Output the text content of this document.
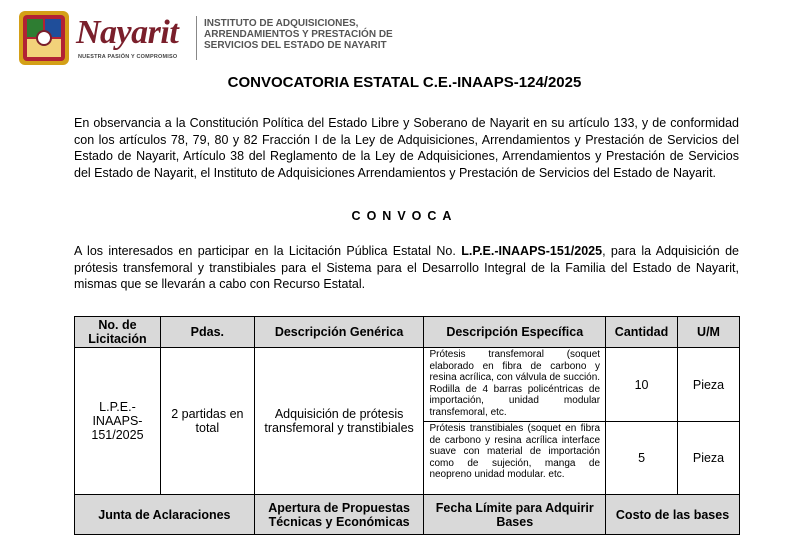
Nayarit
NUESTRA PASIÓN Y COMPROMISO
INSTITUTO DE ADQUISICIONES,
ARRENDAMIENTOS Y PRESTACIÓN DE
SERVICIOS DEL ESTADO DE NAYARIT
CONVOCATORIA ESTATAL C.E.-INAAPS-124/2025
En observancia a la Constitución Política del Estado Libre y Soberano de Nayarit en su artículo 133, y de conformidad con los artículos 78, 79, 80 y 82 Fracción I de la Ley de Adquisiciones, Arrendamientos y Prestación de Servicios del Estado de Nayarit, Artículo 38 del Reglamento de la Ley de Adquisiciones, Arrendamientos y Prestación de Servicios del Estado de Nayarit, el Instituto de Adquisiciones Arrendamientos y Prestación de Servicios del Estado de Nayarit.
CONVOCA
A los interesados en participar en la Licitación Pública Estatal No. L.P.E.-INAAPS-151/2025, para la Adquisición de prótesis transfemoral y transtibiales para el Sistema para el Desarrollo Integral de la Familia del Estado de Nayarit, mismas que se llevarán a cabo con Recurso Estatal.
No. de Licitación	Pdas.	Descripción Genérica	Descripción Específica	Cantidad	U/M
L.P.E.-INAAPS-151/2025	2 partidas en total	Adquisición de prótesis transfemoral y transtibiales	Prótesis transfemoral (soquet elaborado en fibra de carbono y resina acrílica, con válvula de succión. Rodilla de 4 barras policéntricas de importación, unidad modular transfemoral, etc.	10	Pieza
			Prótesis transtibiales (soquet en fibra de carbono y resina acrílica interface suave con material de importación como de sujeción, manga de neopreno unidad modular. etc.	5	Pieza
Junta de Aclaraciones		Apertura de Propuestas Técnicas y Económicas	Fecha Límite para Adquirir Bases	Costo de las bases	
